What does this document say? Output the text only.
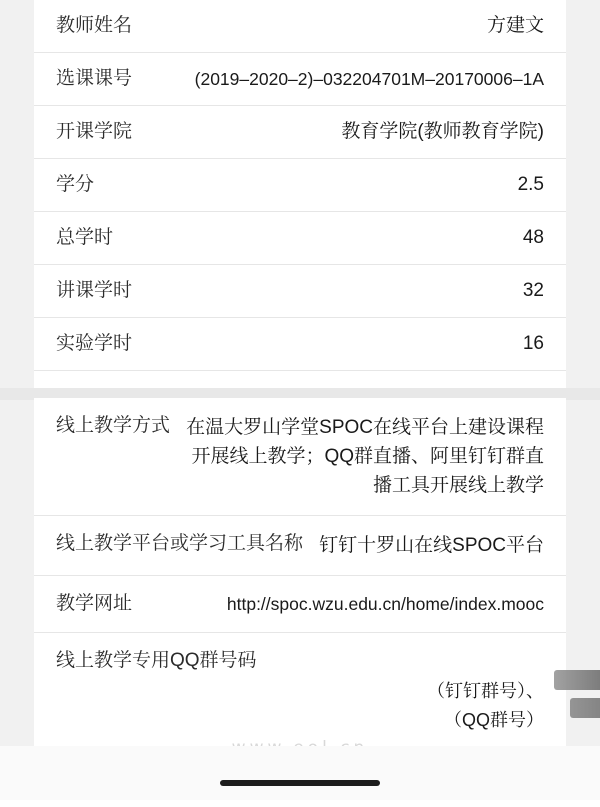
教师姓名	方建文
选课课号	(2019–2020–2)–032204701M–20170006–1A
开课学院	教育学院(教师教育学院)
学分	2.5
总学时	48
讲课学时	32
实验学时	16
线上教学方式 在温大罗山学堂SPOC在线平台上建设课程开展线上教学；QQ群直播、阿里钉钉群直播工具开展线上教学
线上教学平台或学习工具名称 钉钉十罗山在线SPOC平台
教学网址	http://spoc.wzu.edu.cn/home/index.mooc
线上教学专用QQ群号码
（钉钉群号）、
（QQ群号）
